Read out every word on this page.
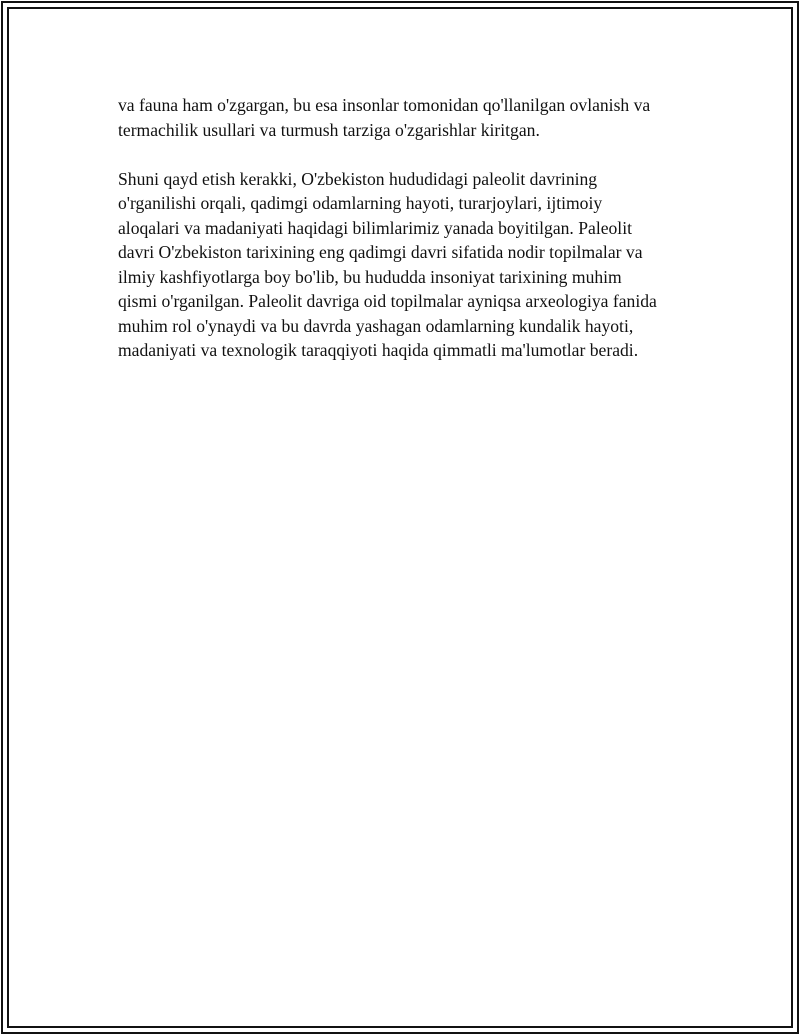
va fauna ham o'zgargan, bu esa insonlar tomonidan qo'llanilgan ovlanish va
termachilik usullari va turmush tarziga o'zgarishlar kiritgan.

Shuni qayd etish kerakki, O'zbekiston hududidagi paleolit davrining
o'rganilishi orqali, qadimgi odamlarning hayoti, turarjoylari, ijtimoiy
aloqalari va madaniyati haqidagi bilimlarimiz yanada boyitilgan. Paleolit
davri O'zbekiston tarixining eng qadimgi davri sifatida nodir topilmalar va
ilmiy kashfiyotlarga boy bo'lib, bu hududda insoniyat tarixining muhim
qismi o'rganilgan. Paleolit davriga oid topilmalar ayniqsa arxeologiya fanida
muhim rol o'ynaydi va bu davrda yashagan odamlarning kundalik hayoti,
madaniyati va texnologik taraqqiyoti haqida qimmatli ma'lumotlar beradi.
